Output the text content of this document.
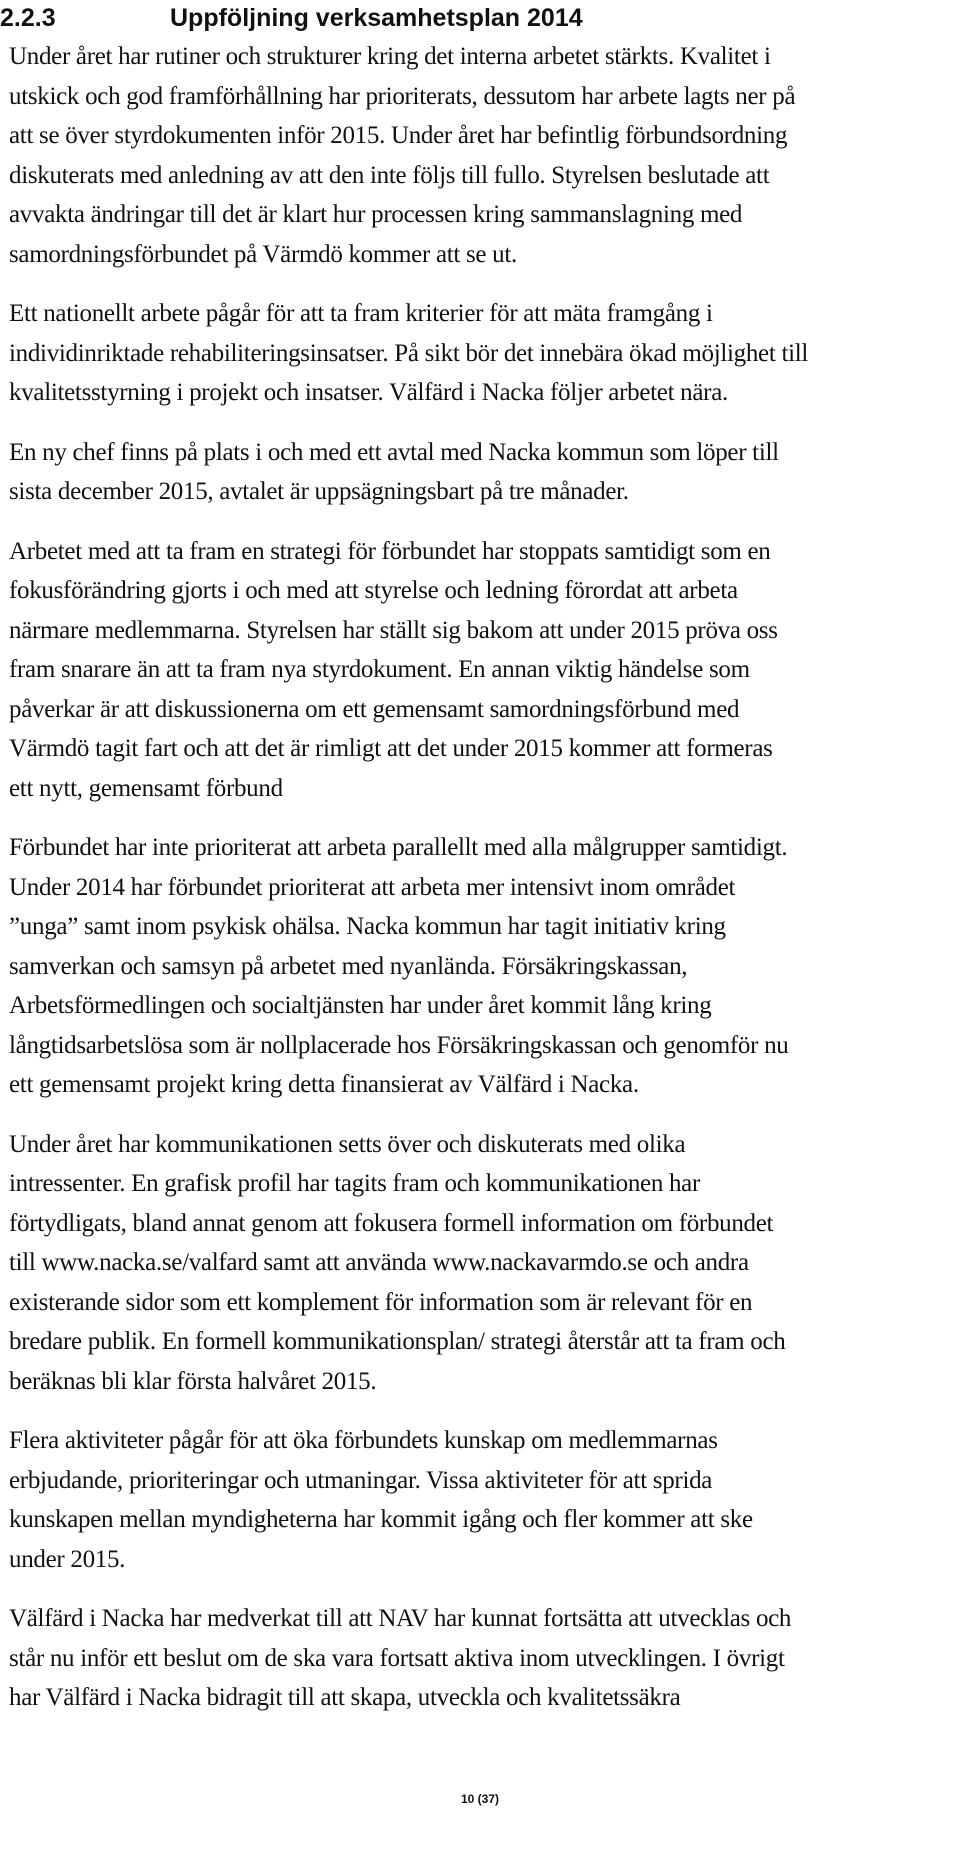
2.2.3	Uppföljning verksamhetsplan 2014
Under året har rutiner och strukturer kring det interna arbetet stärkts. Kvalitet i
utskick och god framförhållning har prioriterats, dessutom har arbete lagts ner på
att se över styrdokumenten inför 2015. Under året har befintlig förbundsordning
diskuterats med anledning av att den inte följs till fullo. Styrelsen beslutade att
avvakta ändringar till det är klart hur processen kring sammanslagning med
samordningsförbundet på Värmdö kommer att se ut.
Ett nationellt arbete pågår för att ta fram kriterier för att mäta framgång i
individinriktade rehabiliteringsinsatser. På sikt bör det innebära ökad möjlighet till
kvalitetsstyrning i projekt och insatser. Välfärd i Nacka följer arbetet nära.
En ny chef finns på plats i och med ett avtal med Nacka kommun som löper till
sista december 2015, avtalet är uppsägningsbart på tre månader.
Arbetet med att ta fram en strategi för förbundet har stoppats samtidigt som en
fokusförändring gjorts i och med att styrelse och ledning förordat att arbeta
närmare medlemmarna. Styrelsen har ställt sig bakom att under 2015 pröva oss
fram snarare än att ta fram nya styrdokument. En annan viktig händelse som
påverkar är att diskussionerna om ett gemensamt samordningsförbund med
Värmdö tagit fart och att det är rimligt att det under 2015 kommer att formeras
ett nytt, gemensamt förbund
Förbundet har inte prioriterat att arbeta parallellt med alla målgrupper samtidigt.
Under 2014 har förbundet prioriterat att arbeta mer intensivt inom området
”unga” samt inom psykisk ohälsa. Nacka kommun har tagit initiativ kring
samverkan och samsyn på arbetet med nyanlända. Försäkringskassan,
Arbetsförmedlingen och socialtjänsten har under året kommit lång kring
långtidsarbetslösa som är nollplacerade hos Försäkringskassan och genomför nu
ett gemensamt projekt kring detta finansierat av Välfärd i Nacka.
Under året har kommunikationen setts över och diskuterats med olika
intressenter. En grafisk profil har tagits fram och kommunikationen har
förtydligats, bland annat genom att fokusera formell information om förbundet
till www.nacka.se/valfard samt att använda www.nackavarmdo.se och andra
existerande sidor som ett komplement för information som är relevant för en
bredare publik. En formell kommunikationsplan/ strategi återstår att ta fram och
beräknas bli klar första halvåret 2015.
Flera aktiviteter pågår för att öka förbundets kunskap om medlemmarnas
erbjudande, prioriteringar och utmaningar. Vissa aktiviteter för att sprida
kunskapen mellan myndigheterna har kommit igång och fler kommer att ske
under 2015.
Välfärd i Nacka har medverkat till att NAV har kunnat fortsätta att utvecklas och
står nu inför ett beslut om de ska vara fortsatt aktiva inom utvecklingen. I övrigt
har Välfärd i Nacka bidragit till att skapa, utveckla och kvalitetssäkra
10 (37)
